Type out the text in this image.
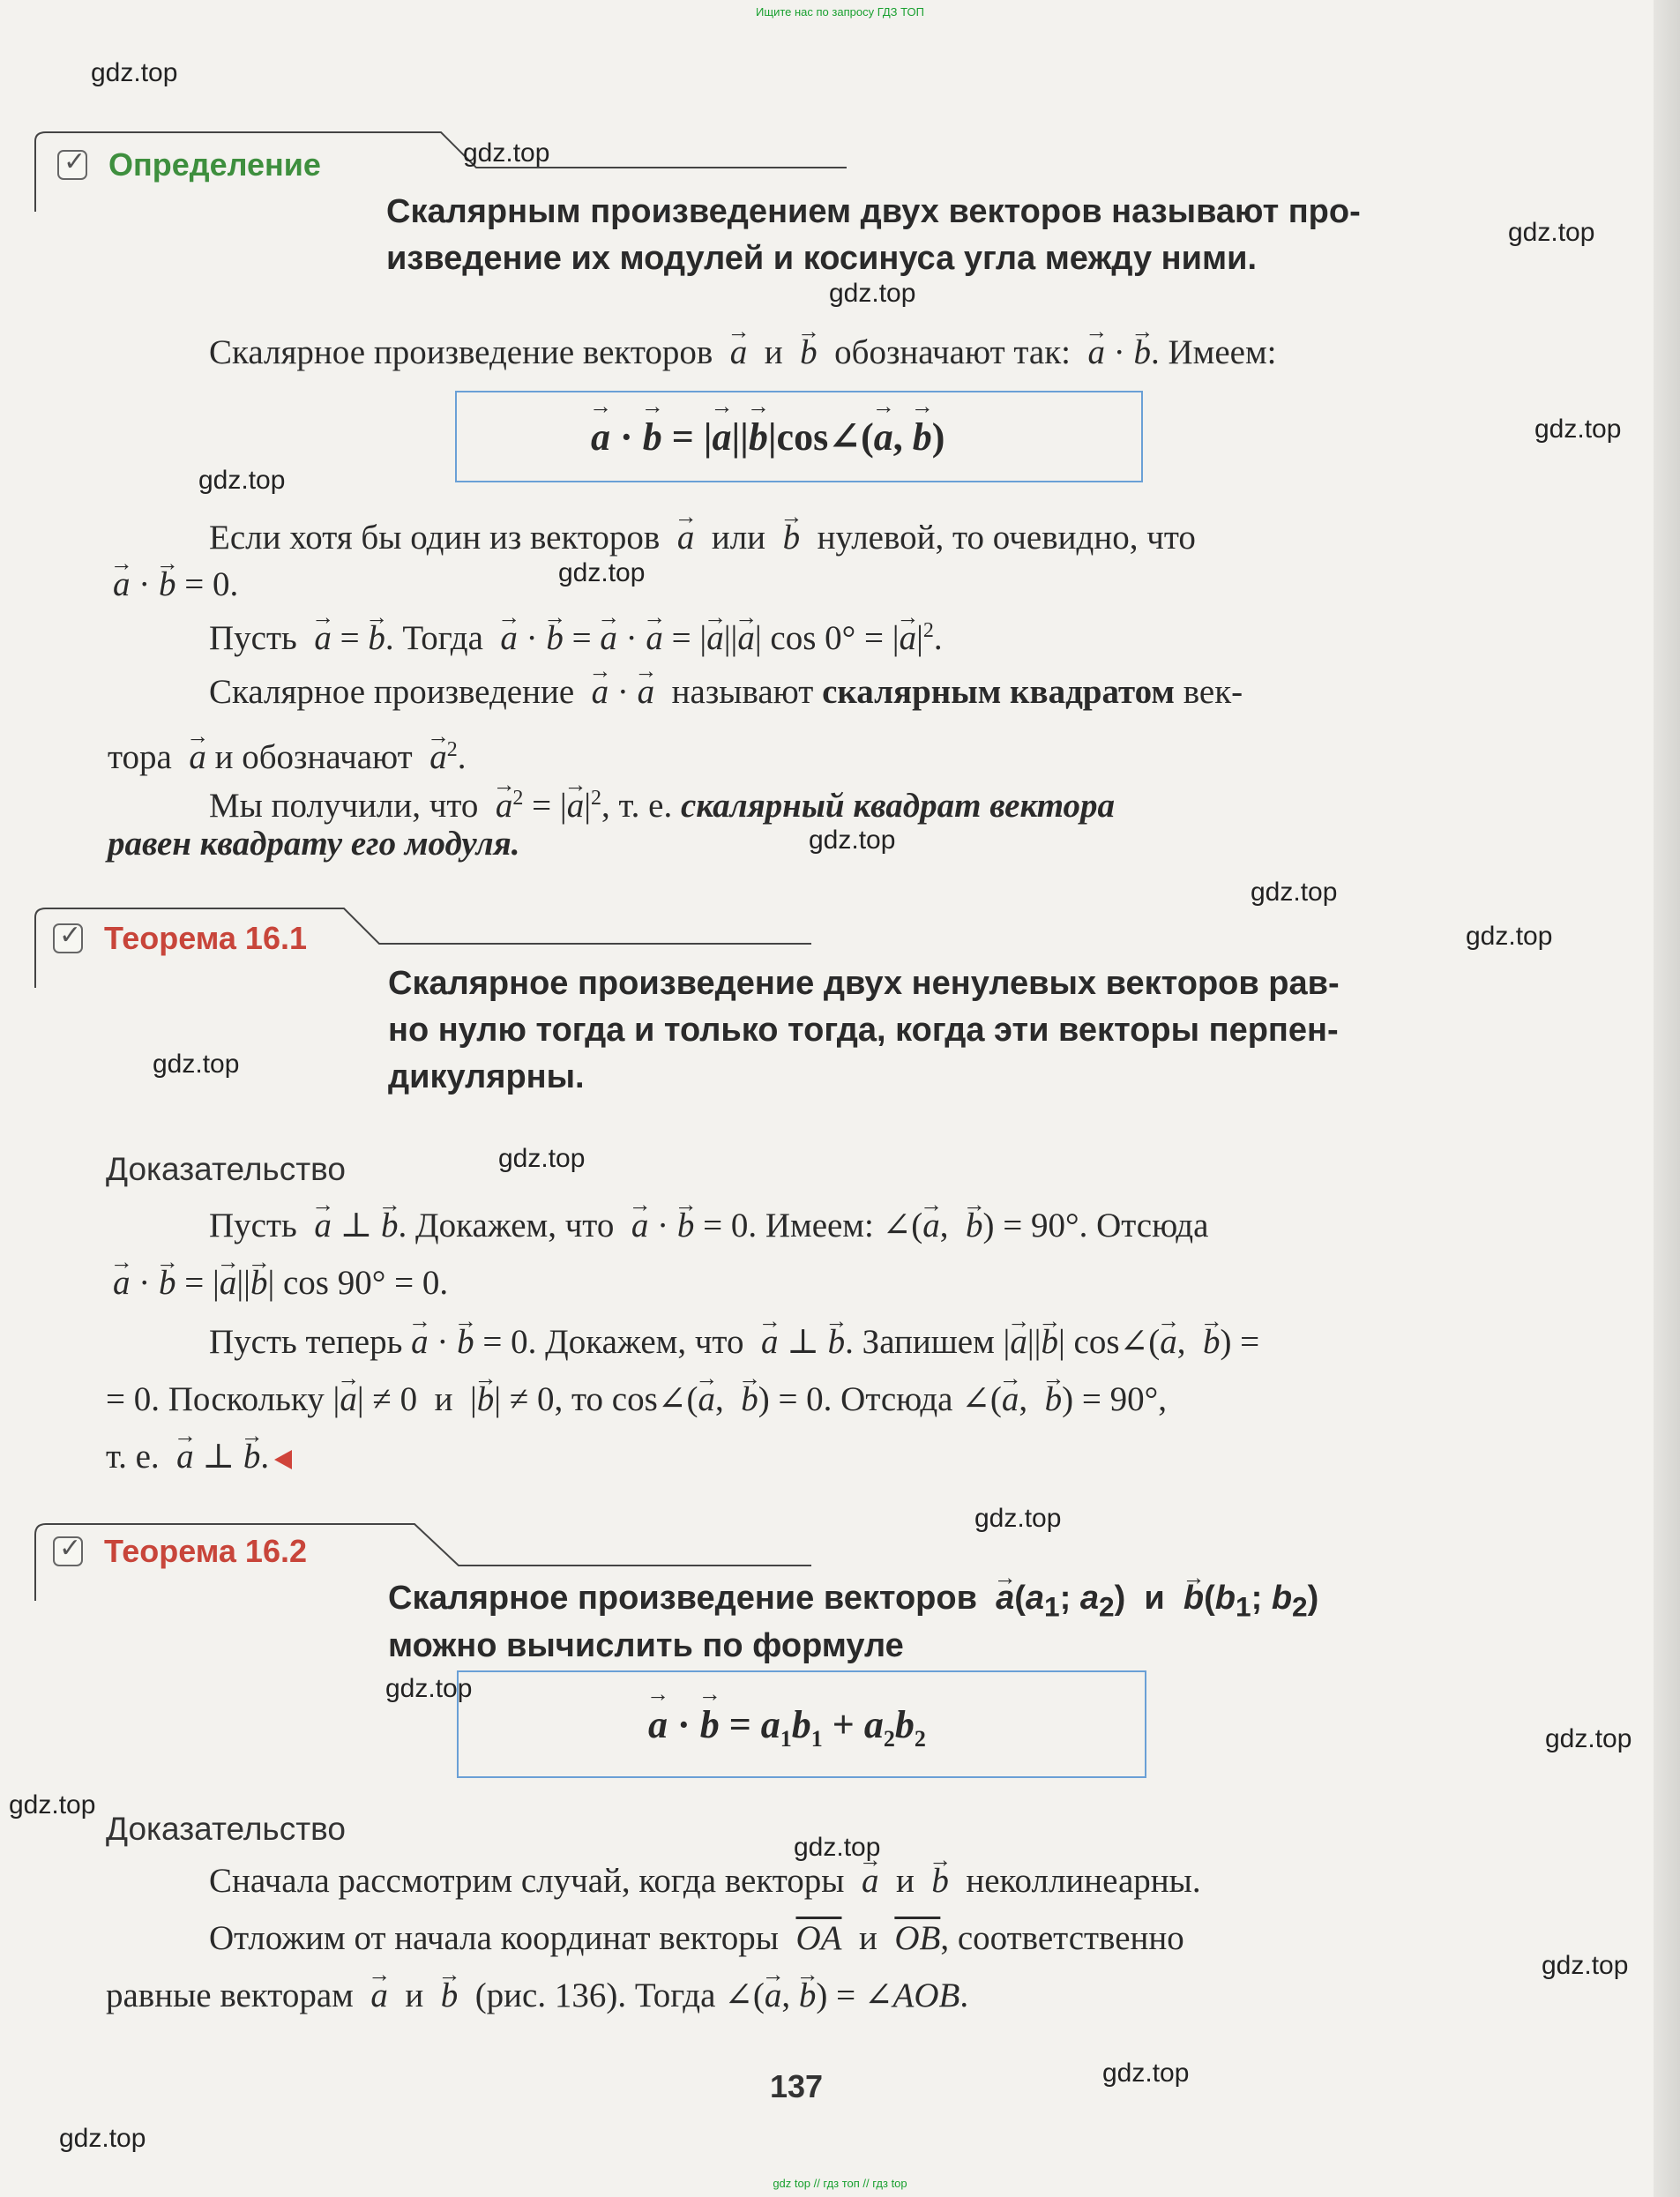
Ищите нас по запросу ГДЗ ТОП
gdz.top
gdz.top
gdz.top
gdz.top
gdz.top
gdz.top
gdz.top
gdz.top
gdz.top
gdz.top
gdz.top
gdz.top
gdz.top
gdz.top
gdz.top
gdz.top
gdz.top
gdz.top
gdz.top
gdz.top
✓ Определение
Скалярным произведением двух векторов называют про-
изведение их модулей и косинуса угла между ними.
Скалярное произведение векторов → a и → b обозначают так: → a · → b. Имеем:
→ a · → b = |→ a||→ b|cos∠(→ a, → b)
Если хотя бы один из векторов → a или → b нулевой, то очевидно, что
→ a · → b = 0.
Пусть → a = → b. Тогда → a · → b = → a · → a = |→ a||→ a| cos 0° = |→ $a|^2$.
Скалярное произведение → a · → a называют скалярным квадратом век-
тора → a и обозначают → $a^2$.
Мы получили, что → $a^2$ = |→ $a|^2$, т. е. скалярный квадрат вектора
равен квадрату его модуля.
✓ Теорема 16.1
Скалярное произведение двух ненулевых векторов рав-
но нулю тогда и только тогда, когда эти векторы перпен-
дикулярны.
Доказательство
Пусть → a ⊥ → b. Докажем, что → a · → b = 0. Имеем: ∠(→ a,  → b) = 90°. Отсюда
→ a · → b = |→ a||→ b| cos 90° = 0.
Пусть теперь → a · → b = 0. Докажем, что → a ⊥ → b. Запишем |→ a||→ b| cos∠(→ a,  → b) =
= 0. Поскольку |→ a| ≠ 0  и  |→ b| ≠ 0, то cos∠(→ a,  → b) = 0. Отсюда ∠(→ a,  → b) = 90°,
т. е. → a ⊥ → b.
✓ Теорема 16.2
Скалярное произведение векторов → $a(a_1$; $a_2$)  $и \to b(b_1$; $b_2$)
можно вычислить по формуле
→ a · → $b = a_1b_1 + a_2b_2$
Доказательство
Сначала рассмотрим случай, когда векторы → a и → b неколлинеарны.
Отложим от начала координат векторы $\overline{OA}$ и $\overline{OB}$, соответственно
равные векторам → a и → b (рис. 136). Тогда ∠(→ a, → b) = ∠AOB.
137
gdz top // гдз топ // гдз top
